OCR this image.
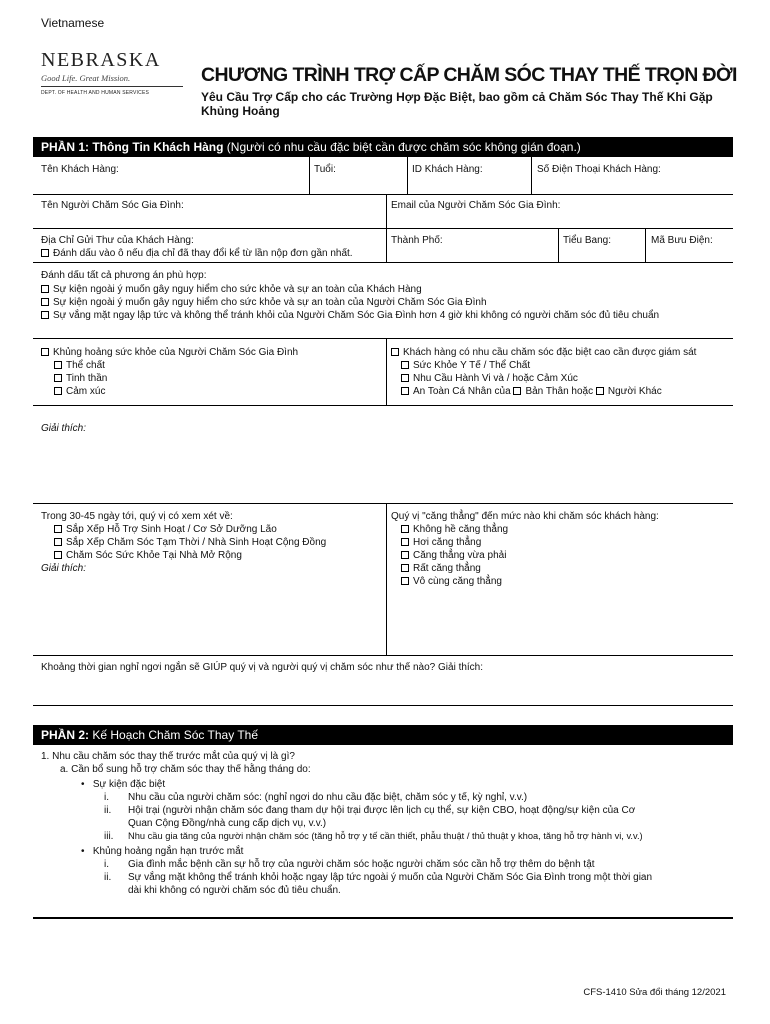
Vietnamese
NEBRASKA
Good Life. Great Mission.
DEPT. OF HEALTH AND HUMAN SERVICES
CHƯƠNG TRÌNH TRỢ CẤP CHĂM SÓC THAY THẾ TRỌN ĐỜI
Yêu Cầu Trợ Cấp cho các Trường Hợp Đặc Biệt, bao gồm cả Chăm Sóc Thay Thế Khi Gặp Khủng Hoảng
PHẦN 1: Thông Tin Khách Hàng (Người có nhu cầu đặc biệt cần được chăm sóc không gián đoạn.)
Tên Khách Hàng:	Tuổi:	ID Khách Hàng:	Số Điện Thoại Khách Hàng:
Tên Người Chăm Sóc Gia Đình:	Email của Người Chăm Sóc Gia Đình:
Địa Chỉ Gửi Thư của Khách Hàng:
Đánh dấu vào ô nếu địa chỉ đã thay đổi kể từ lần nộp đơn gần nhất.
Thành Phố:	Tiểu Bang:	Mã Bưu Điện:
Đánh dấu tất cả phương án phù hợp:
Sự kiện ngoài ý muốn gây nguy hiểm cho sức khỏe và sự an toàn của Khách Hàng
Sự kiện ngoài ý muốn gây nguy hiểm cho sức khỏe và sự an toàn của Người Chăm Sóc Gia Đình
Sự vắng mặt ngay lập tức và không thể tránh khỏi của Người Chăm Sóc Gia Đình hơn 4 giờ khi không có người chăm sóc đủ tiêu chuẩn
Khủng hoảng sức khỏe của Người Chăm Sóc Gia Đình
Thể chất
Tinh thần
Cảm xúc
Khách hàng có nhu cầu chăm sóc đặc biệt cao cần được giám sát
Sức Khỏe Y Tế / Thể Chất
Nhu Cầu Hành Vi và / hoặc Cảm Xúc
An Toàn Cá Nhân của Bản Thân hoặc Người Khác
Giải thích:
Trong 30-45 ngày tới, quý vị có xem xét về:
Sắp Xếp Hỗ Trợ Sinh Hoạt / Cơ Sở Dưỡng Lão
Sắp Xếp Chăm Sóc Tạm Thời / Nhà Sinh Hoạt Cộng Đồng
Chăm Sóc Sức Khỏe Tại Nhà Mở Rộng
Giải thích:
Quý vị "căng thẳng" đến mức nào khi chăm sóc khách hàng:
Không hề căng thẳng
Hơi căng thẳng
Căng thẳng vừa phải
Rất căng thẳng
Vô cùng căng thẳng
Khoảng thời gian nghỉ ngơi ngắn sẽ GIÚP quý vị và người quý vị chăm sóc như thế nào? Giải thích:
PHẦN 2: Kế Hoạch Chăm Sóc Thay Thế
1. Nhu cầu chăm sóc thay thế trước mắt của quý vị là gì?
a. Cần bổ sung hỗ trợ chăm sóc thay thế hằng tháng do:
•   Sự kiện đặc biệt
i. Nhu cầu của người chăm sóc: (nghỉ ngơi do nhu cầu đặc biệt, chăm sóc y tế, kỳ nghỉ, v.v.)
ii. Hội trại (người nhận chăm sóc đang tham dự hội trại được lên lịch cụ thể, sự kiện CBO, hoạt động/sự kiện của Cơ
Quan Cộng Đồng/nhà cung cấp dịch vụ, v.v.)
iii. Nhu cầu gia tăng của người nhận chăm sóc (tăng hỗ trợ y tế cần thiết, phẫu thuật / thủ thuật y khoa, tăng hỗ trợ hành vi, v.v.)
•   Khủng hoảng ngắn hạn trước mắt
i. Gia đình mắc bệnh cần sự hỗ trợ của người chăm sóc hoặc người chăm sóc cần hỗ trợ thêm do bệnh tật
ii. Sự vắng mặt không thể tránh khỏi hoặc ngay lập tức ngoài ý muốn của Người Chăm Sóc Gia Đình trong một thời gian
dài khi không có người chăm sóc đủ tiêu chuẩn.
CFS-1410 Sửa đổi tháng 12/2021
